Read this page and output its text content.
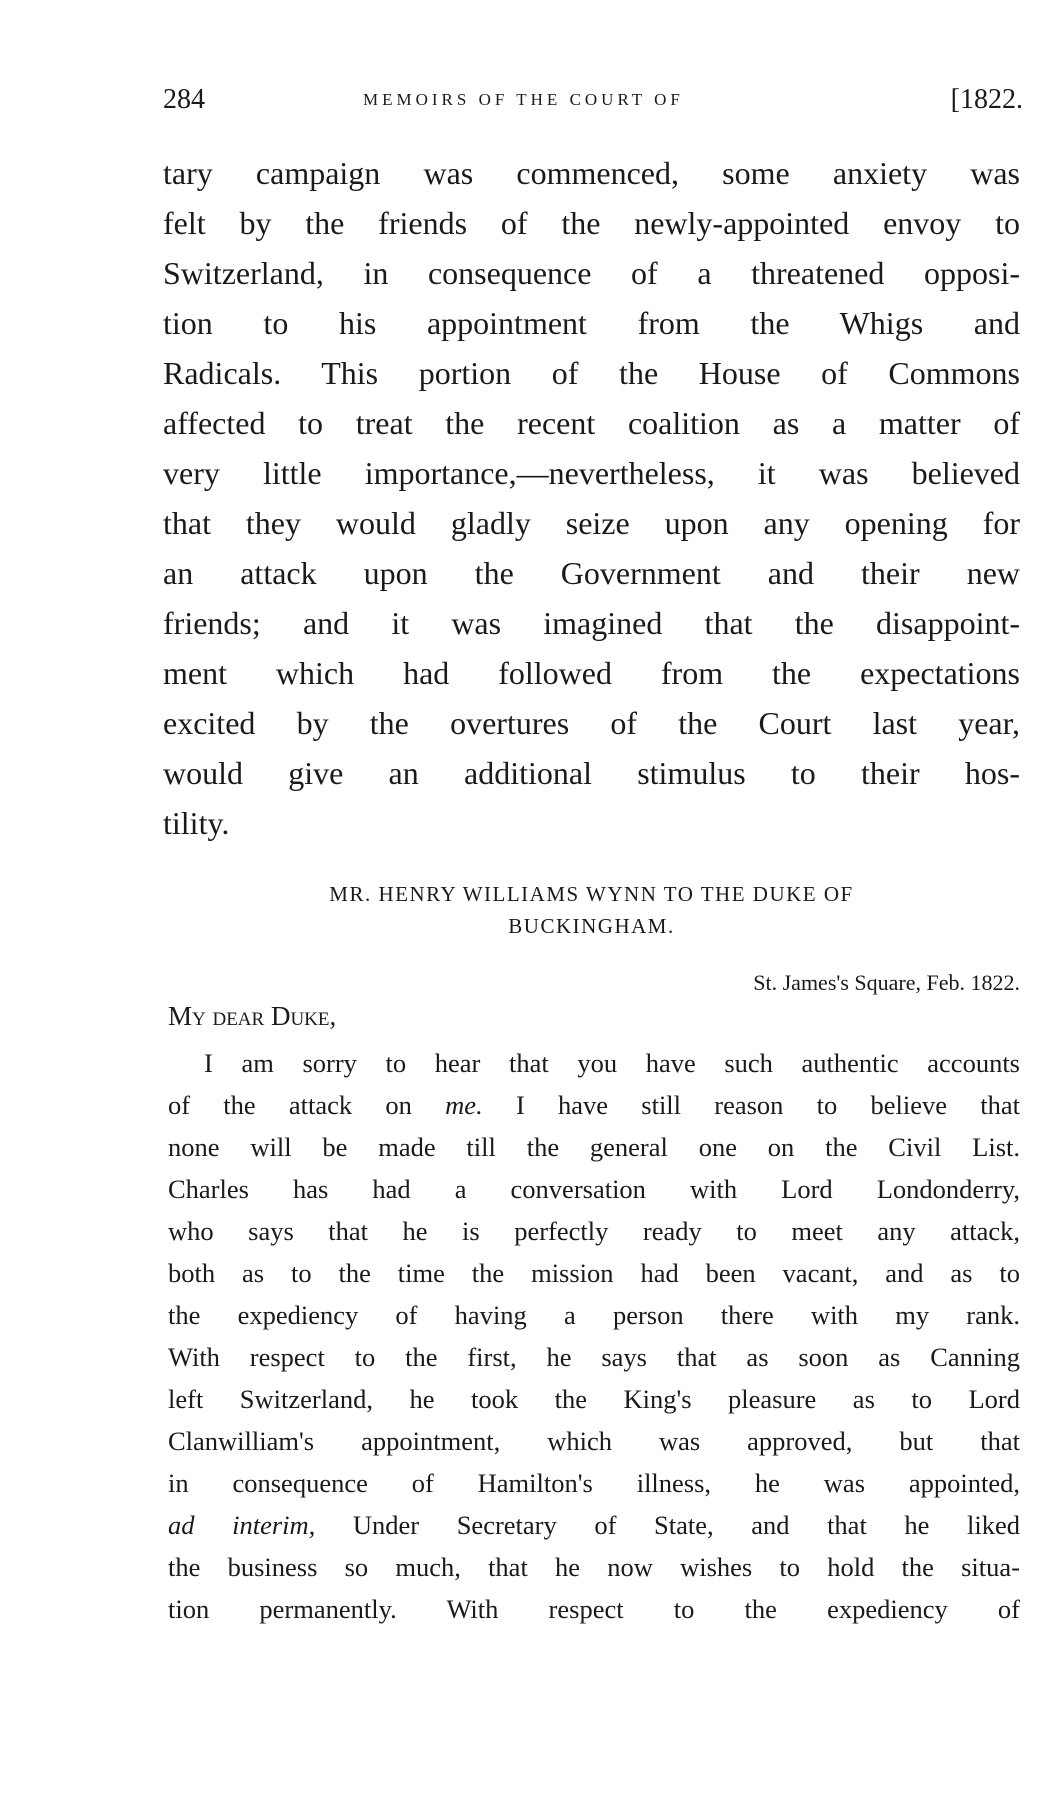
284	MEMOIRS OF THE COURT OF	[1822.
tary campaign was commenced, some anxiety was
felt by the friends of the newly-appointed envoy to
Switzerland, in consequence of a threatened opposi-
tion to his appointment from the Whigs and
Radicals. This portion of the House of Commons
affected to treat the recent coalition as a matter of
very little importance,—nevertheless, it was believed
that they would gladly seize upon any opening for
an attack upon the Government and their new
friends; and it was imagined that the disappoint-
ment which had followed from the expectations
excited by the overtures of the Court last year,
would give an additional stimulus to their hos-
tility.
MR. HENRY WILLIAMS WYNN TO THE DUKE OF
BUCKINGHAM.
St. James's Square, Feb. 1822.
My dear Duke,
I am sorry to hear that you have such authentic accounts
of the attack on me. I have still reason to believe that
none will be made till the general one on the Civil List.
Charles has had a conversation with Lord Londonderry,
who says that he is perfectly ready to meet any attack,
both as to the time the mission had been vacant, and as to
the expediency of having a person there with my rank.
With respect to the first, he says that as soon as Canning
left Switzerland, he took the King's pleasure as to Lord
Clanwilliam's appointment, which was approved, but that
in consequence of Hamilton's illness, he was appointed,
ad interim, Under Secretary of State, and that he liked
the business so much, that he now wishes to hold the situa-
tion permanently. With respect to the expediency of
